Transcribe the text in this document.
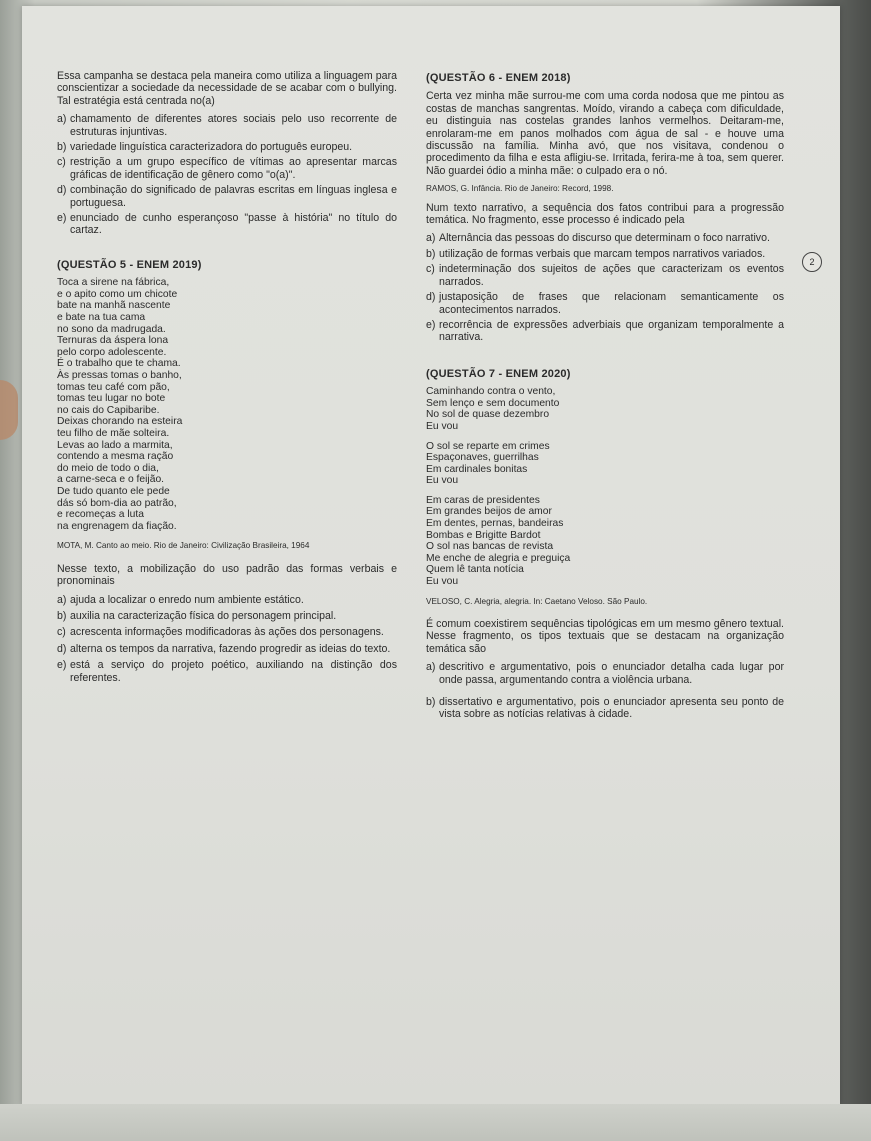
2

Essa campanha se destaca pela maneira como utiliza a linguagem para conscientizar a sociedade da necessidade de se acabar com o bullying. Tal estratégia está centrada no(a)

a) chamamento de diferentes atores sociais pelo uso recorrente de estruturas injuntivas.
b) variedade linguística caracterizadora do português europeu.
c) restrição a um grupo específico de vítimas ao apresentar marcas gráficas de identificação de gênero como "o(a)".
d) combinação do significado de palavras escritas em línguas inglesa e portuguesa.
e) enunciado de cunho esperançoso "passe à história" no título do cartaz.
(QUESTÃO 5 - ENEM 2019)
Toca a sirene na fábrica,
e o apito como um chicote
bate na manhã nascente
e bate na tua cama
no sono da madrugada.
Ternuras da áspera lona
pelo corpo adolescente.
É o trabalho que te chama.
Às pressas tomas o banho,
tomas teu café com pão,
tomas teu lugar no bote
no cais do Capibaribe.
Deixas chorando na esteira
teu filho de mãe solteira.
Levas ao lado a marmita,
contendo a mesma ração
do meio de todo o dia,
a carne-seca e o feijão.
De tudo quanto ele pede
dás só bom-dia ao patrão,
e recomeças a luta
na engrenagem da fiação.
MOTA, M. Canto ao meio. Rio de Janeiro: Civilização Brasileira, 1964

Nesse texto, a mobilização do uso padrão das formas verbais e pronominais

a) ajuda a localizar o enredo num ambiente estático.
b) auxilia na caracterização física do personagem principal.
c) acrescenta informações modificadoras às ações dos personagens.
d) alterna os tempos da narrativa, fazendo progredir as ideias do texto.
e) está a serviço do projeto poético, auxiliando na distinção dos referentes.
(QUESTÃO 6 - ENEM 2018)

Certa vez minha mãe surrou-me com uma corda nodosa que me pintou as costas de manchas sangrentas. Moído, virando a cabeça com dificuldade, eu distinguia nas costelas grandes lanhos vermelhos. Deitaram-me, enrolaram-me em panos molhados com água de sal - e houve uma discussão na família. Minha avó, que nos visitava, condenou o procedimento da filha e esta afligiu-se. Irritada, ferira-me à toa, sem querer. Não guardei ódio a minha mãe: o culpado era o nó.

RAMOS, G. Infância. Rio de Janeiro: Record, 1998.

Num texto narrativo, a sequência dos fatos contribui para a progressão temática. No fragmento, esse processo é indicado pela

a) Alternância das pessoas do discurso que determinam o foco narrativo.
b) utilização de formas verbais que marcam tempos narrativos variados.
c) indeterminação dos sujeitos de ações que caracterizam os eventos narrados.
d) justaposição de frases que relacionam semanticamente os acontecimentos narrados.
e) recorrência de expressões adverbiais que organizam temporalmente a narrativa.
(QUESTÃO 7 - ENEM 2020)
Caminhando contra o vento,
Sem lenço e sem documento
No sol de quase dezembro
Eu vou
O sol se reparte em crimes
Espaçonaves, guerrilhas
Em cardinales bonitas
Eu vou
Em caras de presidentes
Em grandes beijos de amor
Em dentes, pernas, bandeiras
Bombas e Brigitte Bardot
O sol nas bancas de revista
Me enche de alegria e preguiça
Quem lê tanta notícia
Eu vou
VELOSO, C. Alegria, alegria. In: Caetano Veloso. São Paulo.

É comum coexistirem sequências tipológicas em um mesmo gênero textual. Nesse fragmento, os tipos textuais que se destacam na organização temática são

a) descritivo e argumentativo, pois o enunciador detalha cada lugar por onde passa, argumentando contra a violência urbana.
b) dissertativo e argumentativo, pois o enunciador apresenta seu ponto de vista sobre as notícias relativas à cidade.
